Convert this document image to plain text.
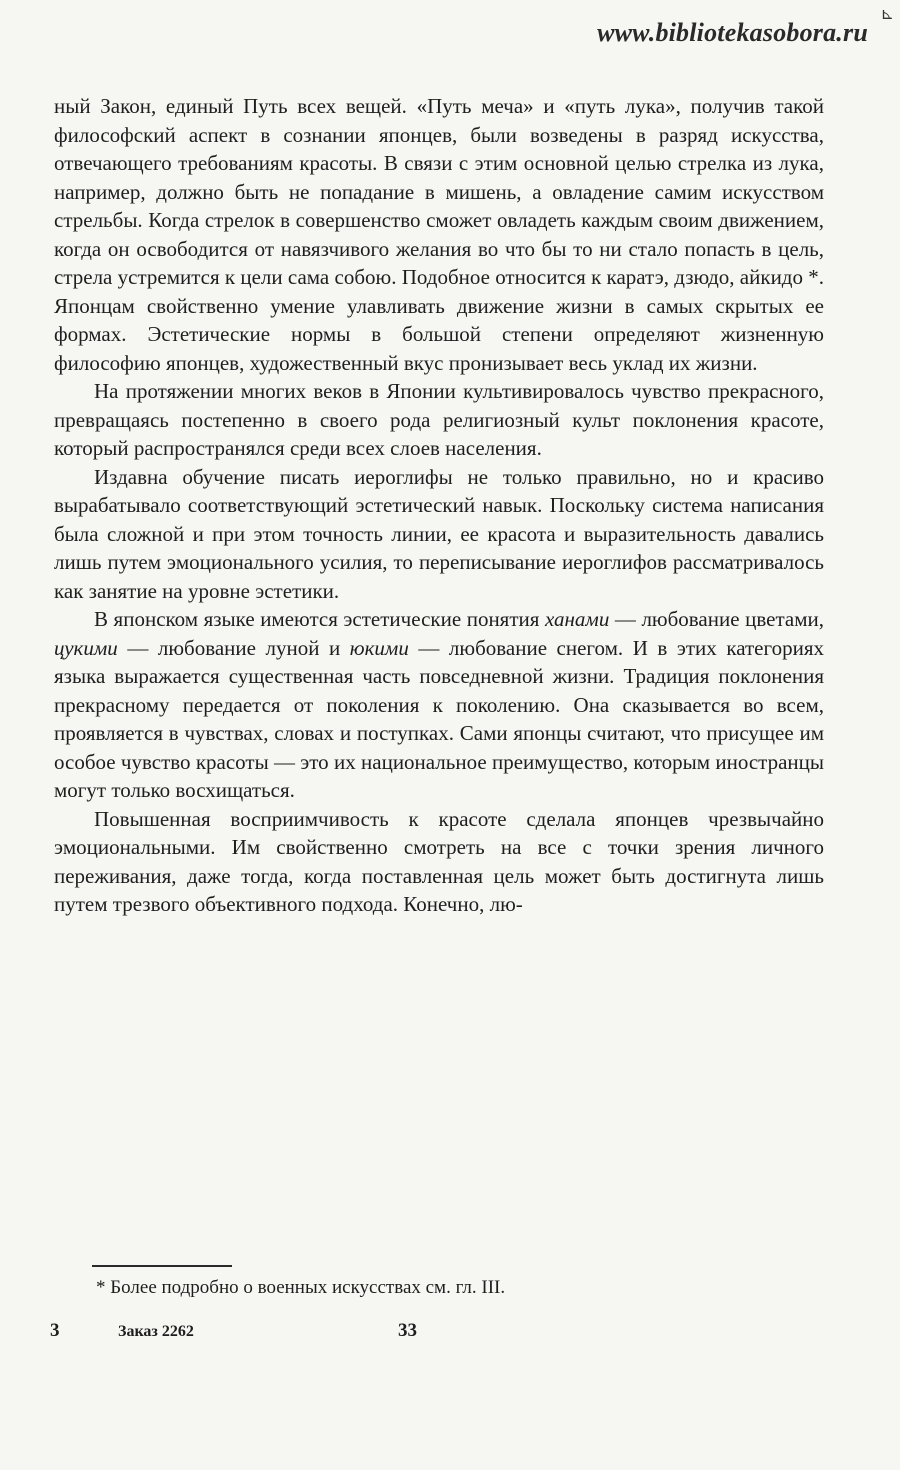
⊾
www.bibliotekasobora.ru

ный Закон, единый Путь всех вещей. «Путь меча» и «путь лука», получив такой философский аспект в сознании японцев, были возведены в разряд искусства, отвечающего требованиям красоты. В связи с этим основной целью стрелка из лука, например, должно быть не попадание в мишень, а овладение самим искусством стрельбы. Когда стрелок в совершенство сможет овладеть каждым своим движением, когда он освободится от навязчивого желания во что бы то ни стало попасть в цель, стрела устремится к цели сама собою. Подобное относится к каратэ, дзюдо, айкидо *. Японцам свойственно умение улавливать движение жизни в самых скрытых ее формах. Эстетические нормы в большой степени определяют жизненную философию японцев, художественный вкус пронизывает весь уклад их жизни.

На протяжении многих веков в Японии культивировалось чувство прекрасного, превращаясь постепенно в своего рода религиозный культ поклонения красоте, который распространялся среди всех слоев населения.

Издавна обучение писать иероглифы не только правильно, но и красиво вырабатывало соответствующий эстетический навык. Поскольку система написания была сложной и при этом точность линии, ее красота и выразительность давались лишь путем эмоционального усилия, то переписывание иероглифов рассматривалось как занятие на уровне эстетики.

В японском языке имеются эстетические понятия ханами — любование цветами, цукими — любование луной и юкими — любование снегом. И в этих категориях языка выражается существенная часть повседневной жизни. Традиция поклонения прекрасному передается от поколения к поколению. Она сказывается во всем, проявляется в чувствах, словах и поступках. Сами японцы считают, что присущее им особое чувство красоты — это их национальное преимущество, которым иностранцы могут только восхищаться.

Повышенная восприимчивость к красоте сделала японцев чрезвычайно эмоциональными. Им свойственно смотреть на все с точки зрения личного переживания, даже тогда, когда поставленная цель может быть достигнута лишь путем трезвого объективного подхода. Конечно, лю-

* Более подробно о военных искусствах см. гл. III.
3	Заказ 2262	33
